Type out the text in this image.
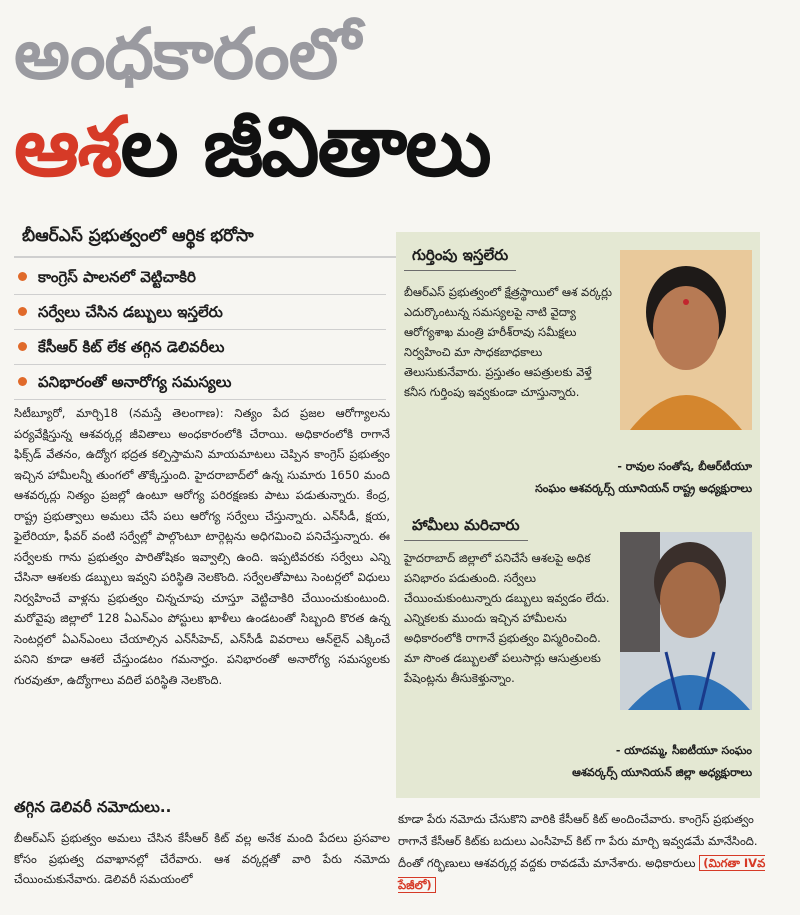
అంధకారంలో
ఆశల జీవితాలు
బీఆర్ఎస్ ప్రభుత్వంలో ఆర్థిక భరోసా
కాంగ్రెస్ పాలనలో వెట్టిచాకిరి
సర్వేలు చేసిన డబ్బులు ఇస్తలేరు
కేసీఆర్ కిట్ లేక తగ్గిన డెలివరీలు
పనిభారంతో అనారోగ్య సమస్యలు
సిటీబ్యూరో, మార్చి18 (నమస్తే తెలంగాణ): నిత్యం పేద ప్రజల ఆరోగ్యాలను పర్యవేక్షిస్తున్న ఆశవర్కర్ల జీవితాలు అంధకారంలోకి చేరాయి. అధికారంలోకి రాగానే ఫిక్స్‌డ్ వేతనం, ఉద్యోగ భద్రత కల్పిస్తామని మాయమాటలు చెప్పిన కాంగ్రెస్ ప్రభుత్వం ఇచ్చిన హామీలన్నీ తుంగలో తొక్కేస్తుంది. హైదరాబాద్‌లో ఉన్న సుమారు 1650 మంది ఆశవర్కర్లు నిత్యం ప్రజల్లో ఉంటూ ఆరోగ్య పరిరక్షణకు పాటు పడుతున్నారు. కేంద్ర, రాష్ట్ర ప్రభుత్వాలు అమలు చేసే పలు ఆరోగ్య సర్వేలు చేస్తున్నారు. ఎన్‌సీడీ, క్షయ, ఫైలేరియా, ఫీవర్ వంటి సర్వేల్లో పాల్గొంటూ టార్గెట్లను అధిగమించి పనిచేస్తున్నారు. ఈ సర్వేలకు గాను ప్రభుత్వం పారితోషికం ఇవ్వాల్సి ఉంది. ఇప్పటివరకు సర్వేలు ఎన్ని చేసినా ఆశలకు డబ్బులు ఇవ్వని పరిస్థితి నెలకొంది. సర్వేలతోపాటు సెంటర్లలో విధులు నిర్వహించే వాళ్లను ప్రభుత్వం చిన్నచూపు చూస్తూ వెట్టిచాకిరి చేయించుకుంటుంది. మరోవైపు జిల్లాలో 128 ఏఎన్ఎం పోస్టులు ఖాళీలు ఉండటంతో సిబ్బంది కొరత ఉన్న సెంటర్లలో ఏఎన్ఎంలు చేయాల్సిన ఎన్‌సీహెచ్, ఎన్‌సీడీ వివరాలు ఆన్‌లైన్ ఎక్కించే పనిని కూడా ఆశలే చేస్తుండటం గమనార్హం. పనిభారంతో అనారోగ్య సమస్యలకు గురవుతూ, ఉద్యోగాలు వదిలే పరిస్థితి నెలకొంది.
తగ్గిన డెలివరీ నమోదులు..
బీఆర్ఎస్ ప్రభుత్వం అమలు చేసిన కేసీఆర్ కిట్ వల్ల అనేక మంది పేదలు ప్రసవాల కోసం ప్రభుత్వ దవాఖానల్లో చేరేవారు. ఆశ వర్కర్లతో వారి పేరు నమోదు చేయించుకునేవారు. డెలివరీ సమయంలో
గుర్తింపు ఇస్తలేరు
బీఆర్ఎస్ ప్రభుత్వంలో క్షేత్రస్థాయిలో ఆశ వర్కర్లు ఎదుర్కొంటున్న సమస్యలపై నాటి వైద్యా ఆరోగ్యశాఖ మంత్రి హరీశ్‌రావు సమీక్షలు నిర్వహించి మా సాధకబాధకాలు తెలుసుకునేవారు. ప్రస్తుతం ఆపత్రులకు వెళ్తే కనీస గుర్తింపు ఇవ్వకుండా చూస్తున్నారు.
- రావుల సంతోష, బీఆర్‌టీయూ
సంఘం ఆశవర్కర్స్ యూనియన్ రాష్ట్ర అధ్యక్షురాలు
హామీలు మరిచారు
హైదరాబాద్ జిల్లాలో పనిచేసే ఆశలపై అధిక పనిభారం పడుతుంది. సర్వేలు చేయించుకుంటున్నారు డబ్బులు ఇవ్వడం లేదు. ఎన్నికలకు ముందు ఇచ్చిన హామీలను అధికారంలోకి రాగానే ప్రభుత్వం విస్మరించింది. మా సొంత డబ్బులతో పలుసార్లు ఆసుత్రులకు పేషెంట్లను తీసుకెళ్తున్నాం.
- యాదమ్మ, సీఐటీయూ సంఘం
ఆశవర్కర్స్ యూనియన్ జిల్లా అధ్యక్షురాలు
కూడా పేరు నమోదు చేసుకొని వారికి కేసీఆర్ కిట్ అందించేవారు. కాంగ్రెస్ ప్రభుత్వం రాగానే కేసీఆర్ కిట్‌కు బదులు ఎంసీహెచ్ కిట్ గా పేరు మార్చి ఇవ్వడమే మానేసింది. దీంతో గర్భిణులు ఆశవర్కర్ల వద్దకు రావడమే మానేశారు. అధికారులు (మిగతా IVవ పేజీలో)
